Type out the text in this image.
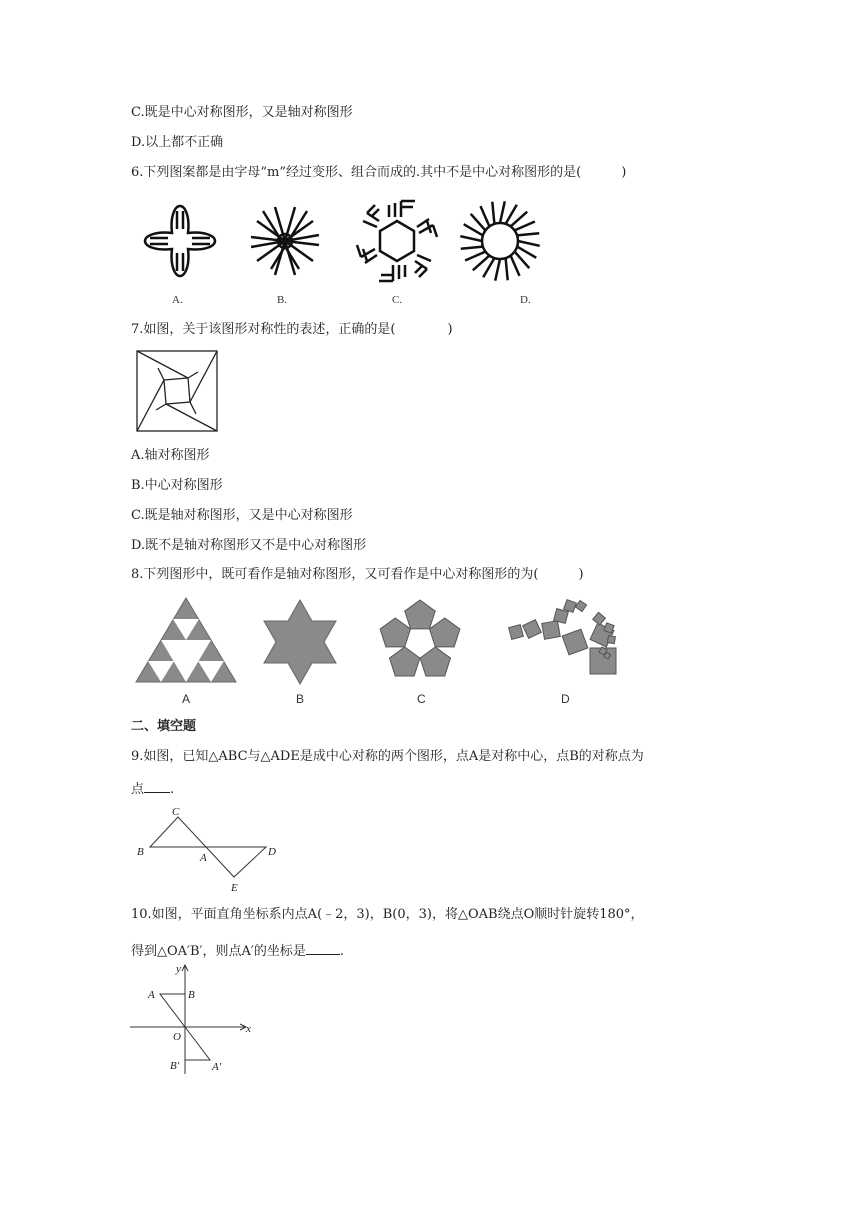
C.既是中心对称图形，又是轴对称图形
D.以上都不正确
6.下列图案都是由字母“m”经过变形、组合而成的.其中不是中心对称图形的是(	)
A.	B.	C.	D.
7.如图，关于该图形对称性的表述，正确的是(	)
A.轴对称图形
B.中心对称图形
C.既是轴对称图形，又是中心对称图形
D.既不是轴对称图形又不是中心对称图形
8.下列图形中，既可看作是轴对称图形，又可看作是中心对称图形的为(	)
A	B	C	D
二、填空题
9.如图，已知△ABC与△ADE是成中心对称的两个图形，点A是对称中心，点B的对称点为
点 .
B
C
A	D
E
10.如图，平面直角坐标系内点A(﹣2，3)，B(0，3)，将△OAB绕点O顺时针旋转180°，
得到△OA′B′，则点A′的坐标是	.
y
x
A	B
O
B′	A′
